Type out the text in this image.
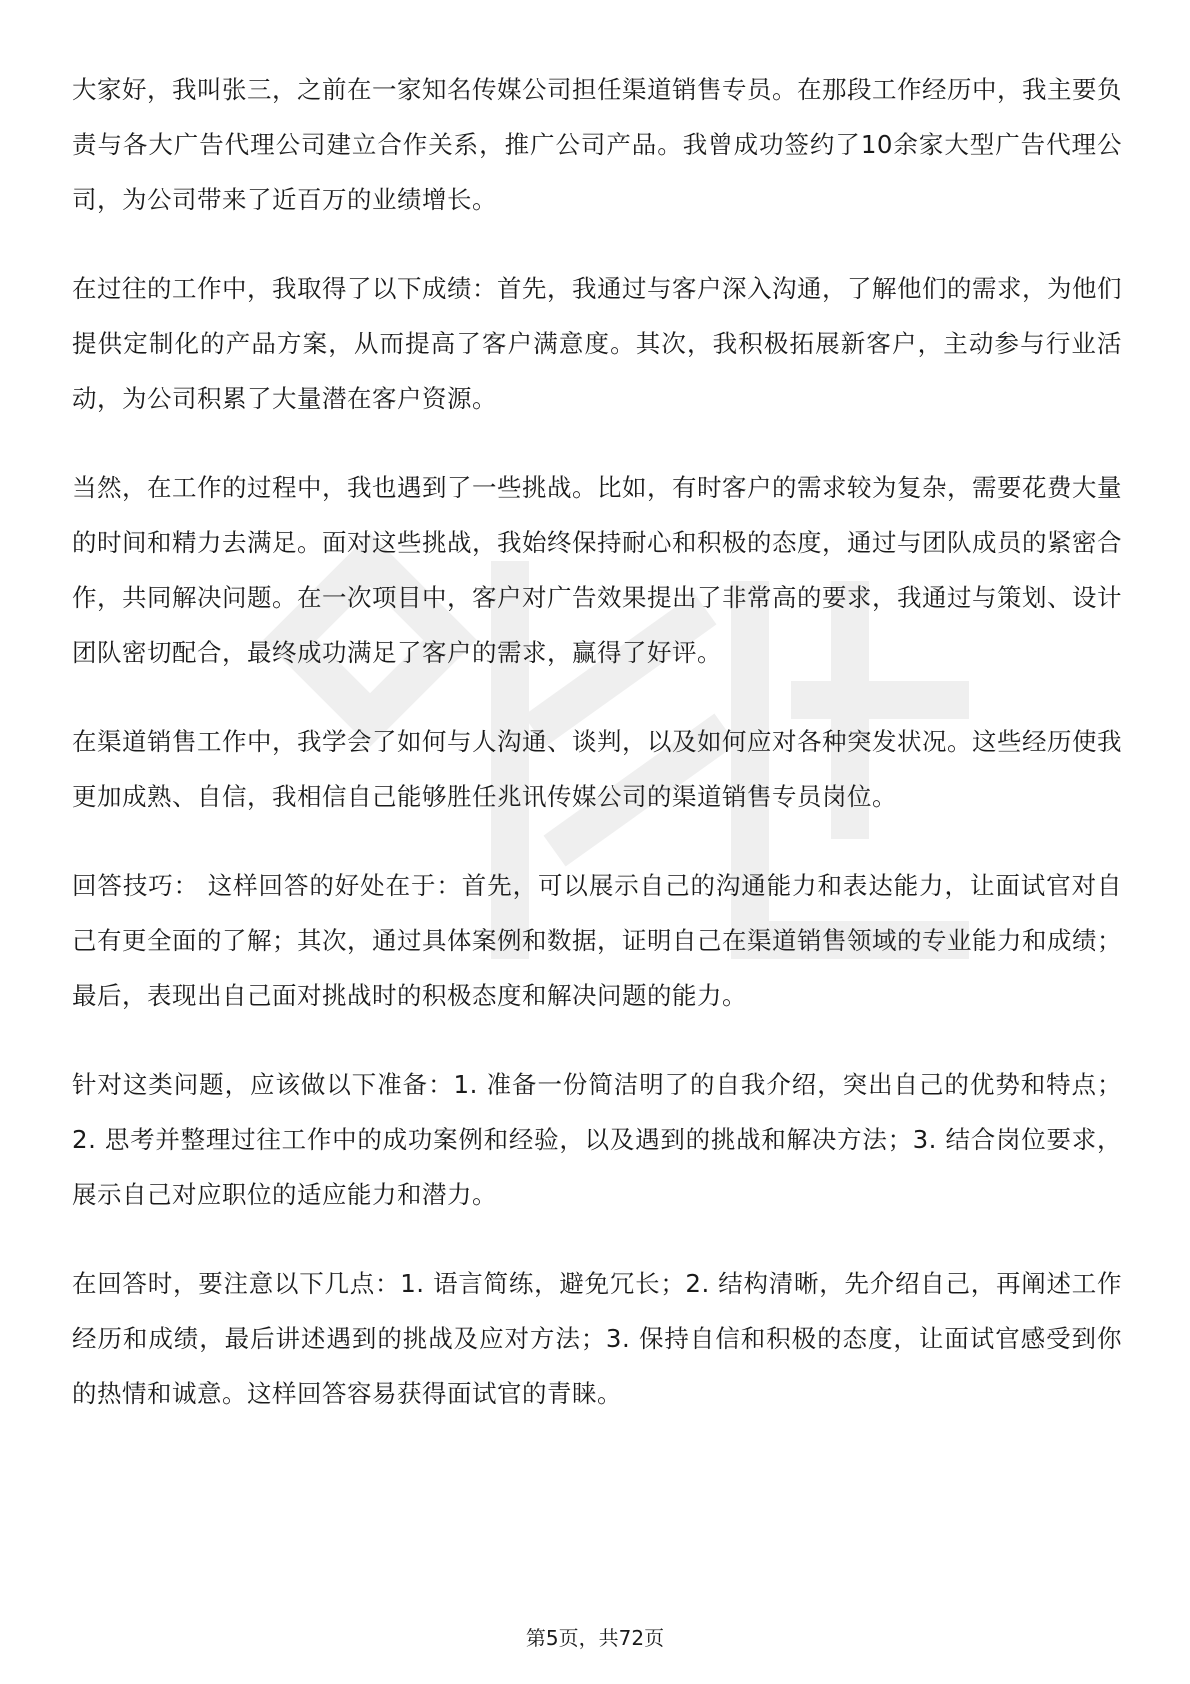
大家好，我叫张三，之前在一家知名传媒公司担任渠道销售专员。在那段工作经历中，我主要负责与各大广告代理公司建立合作关系，推广公司产品。我曾成功签约了10余家大型广告代理公司，为公司带来了近百万的业绩增长。

在过往的工作中，我取得了以下成绩：首先，我通过与客户深入沟通，了解他们的需求，为他们提供定制化的产品方案，从而提高了客户满意度。其次，我积极拓展新客户，主动参与行业活动，为公司积累了大量潜在客户资源。

当然，在工作的过程中，我也遇到了一些挑战。比如，有时客户的需求较为复杂，需要花费大量的时间和精力去满足。面对这些挑战，我始终保持耐心和积极的态度，通过与团队成员的紧密合作，共同解决问题。在一次项目中，客户对广告效果提出了非常高的要求，我通过与策划、设计团队密切配合，最终成功满足了客户的需求，赢得了好评。

在渠道销售工作中，我学会了如何与人沟通、谈判，以及如何应对各种突发状况。这些经历使我更加成熟、自信，我相信自己能够胜任兆讯传媒公司的渠道销售专员岗位。

回答技巧： 这样回答的好处在于：首先，可以展示自己的沟通能力和表达能力，让面试官对自己有更全面的了解；其次，通过具体案例和数据，证明自己在渠道销售领域的专业能力和成绩；最后，表现出自己面对挑战时的积极态度和解决问题的能力。

针对这类问题，应该做以下准备：1. 准备一份简洁明了的自我介绍，突出自己的优势和特点；2. 思考并整理过往工作中的成功案例和经验，以及遇到的挑战和解决方法；3. 结合岗位要求，展示自己对应职位的适应能力和潜力。

在回答时，要注意以下几点：1. 语言简练，避免冗长；2. 结构清晰，先介绍自己，再阐述工作经历和成绩，最后讲述遇到的挑战及应对方法；3. 保持自信和积极的态度，让面试官感受到你的热情和诚意。这样回答容易获得面试官的青睐。

第5页，共72页
